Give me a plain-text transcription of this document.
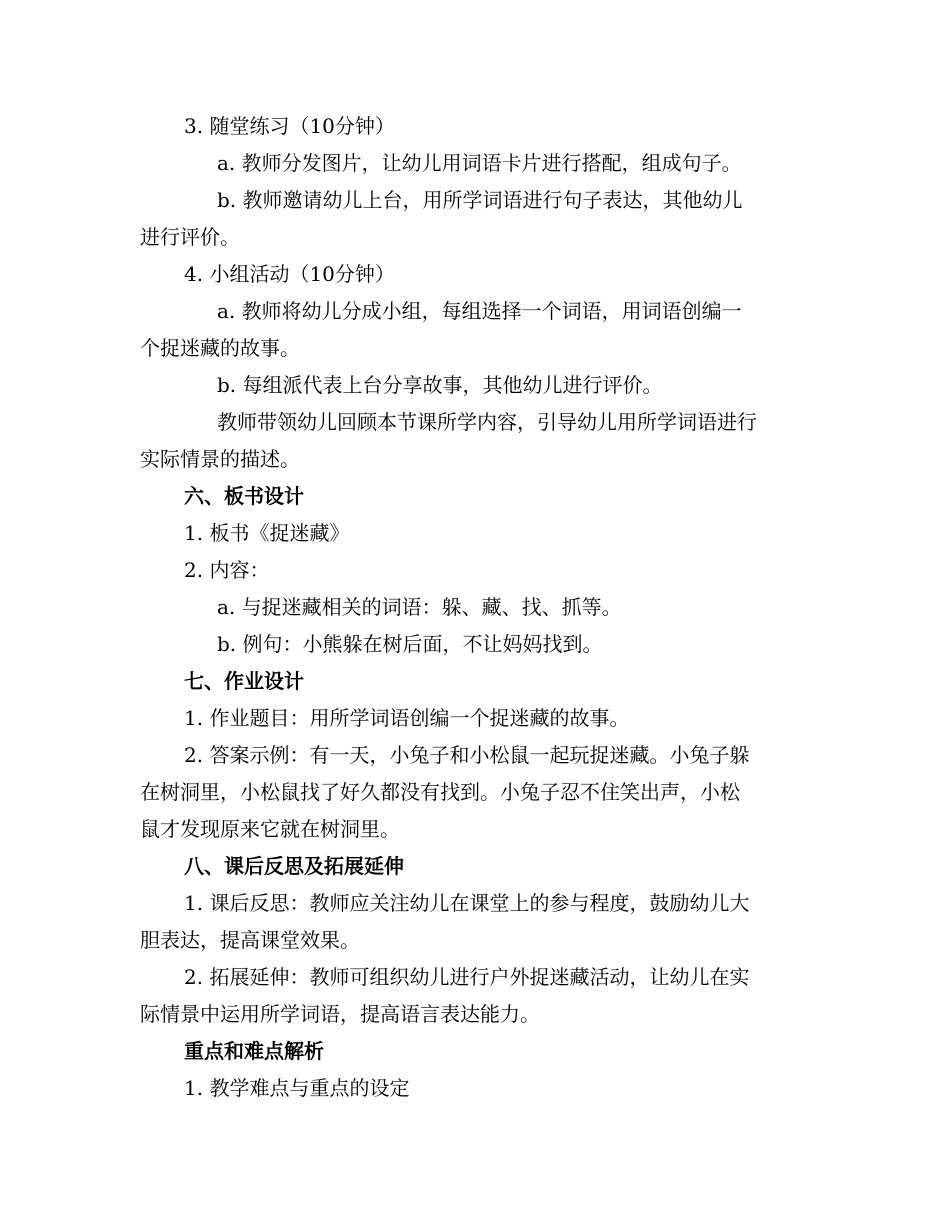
3. 随堂练习（10分钟）
a. 教师分发图片，让幼儿用词语卡片进行搭配，组成句子。
b. 教师邀请幼儿上台，用所学词语进行句子表达，其他幼儿
进行评价。
4. 小组活动（10分钟）
a. 教师将幼儿分成小组，每组选择一个词语，用词语创编一
个捉迷藏的故事。
b. 每组派代表上台分享故事，其他幼儿进行评价。
教师带领幼儿回顾本节课所学内容，引导幼儿用所学词语进行
实际情景的描述。
六、板书设计
1. 板书《捉迷藏》
2. 内容：
a. 与捉迷藏相关的词语：躲、藏、找、抓等。
b. 例句：小熊躲在树后面，不让妈妈找到。
七、作业设计
1. 作业题目：用所学词语创编一个捉迷藏的故事。
2. 答案示例：有一天，小兔子和小松鼠一起玩捉迷藏。小兔子躲
在树洞里，小松鼠找了好久都没有找到。小兔子忍不住笑出声，小松
鼠才发现原来它就在树洞里。
八、课后反思及拓展延伸
1. 课后反思：教师应关注幼儿在课堂上的参与程度，鼓励幼儿大
胆表达，提高课堂效果。
2. 拓展延伸：教师可组织幼儿进行户外捉迷藏活动，让幼儿在实
际情景中运用所学词语，提高语言表达能力。
重点和难点解析
1. 教学难点与重点的设定
